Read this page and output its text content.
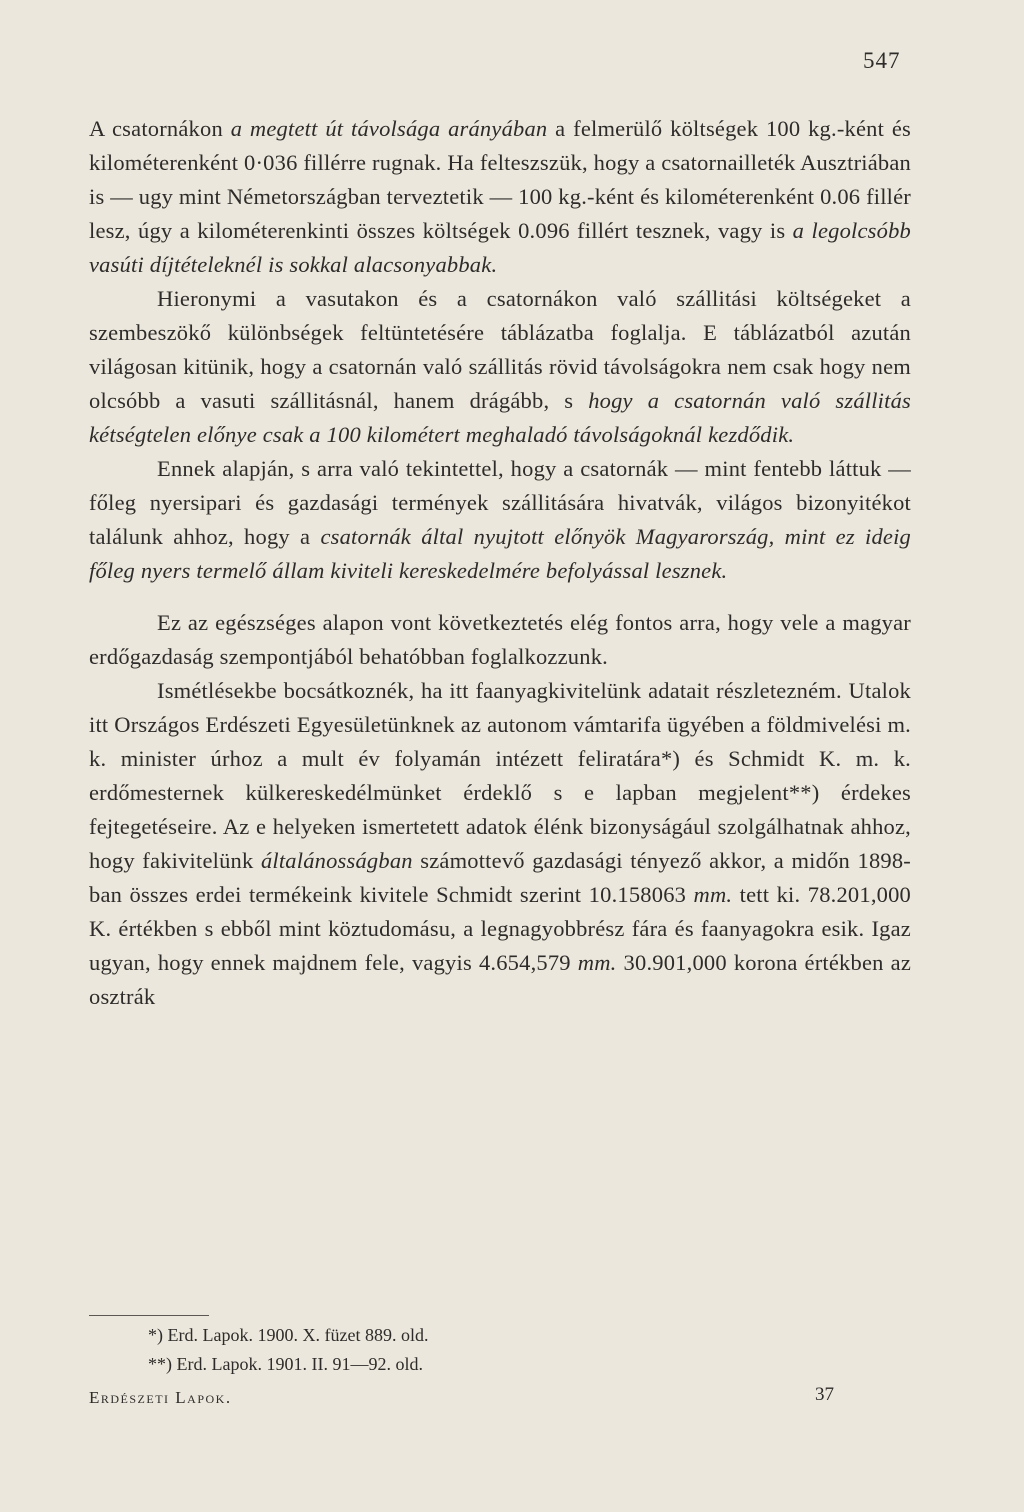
547

A csatornákon a megtett út távolsága arányában a felmerülő költségek 100 kg.-ként és kilométerenként 0·036 fillérre rugnak. Ha felteszszük, hogy a csatornailleték Ausztriában is — ugy mint Németországban terveztetik — 100 kg.-ként és kilométerenként 0.06 fillér lesz, úgy a kilométerenkinti összes költségek 0.096 fillért tesznek, vagy is a legolcsóbb vasúti díjtételeknél is sokkal alacsonyabbak.

Hieronymi a vasutakon és a csatornákon való szállitási költségeket a szembeszökő különbségek feltüntetésére táblázatba foglalja. E táblázatból azután világosan kitünik, hogy a csatornán való szállitás rövid távolságokra nem csak hogy nem olcsóbb a vasuti szállitásnál, hanem drágább, s hogy a csatornán való szállitás kétségtelen előnye csak a 100 kilométert meghaladó távolságoknál kezdődik.

Ennek alapján, s arra való tekintettel, hogy a csatornák — mint fentebb láttuk — főleg nyersipari és gazdasági termények szállitására hivatvák, világos bizonyitékot találunk ahhoz, hogy a csatornák által nyujtott előnyök Magyarország, mint ez ideig főleg nyers termelő állam kiviteli kereskedelmére befolyással lesznek.

Ez az egészséges alapon vont következtetés elég fontos arra, hogy vele a magyar erdőgazdaság szempontjából behatóbban foglalkozzunk.

Ismétlésekbe bocsátkoznék, ha itt faanyagkivitelünk adatait részletezném. Utalok itt Országos Erdészeti Egyesületünknek az autonom vámtarifa ügyében a földmivelési m. k. minister úrhoz a mult év folyamán intézett feliratára*) és Schmidt K. m. k. erdőmesternek külkereskedélmünket érdeklő s e lapban megjelent**) érdekes fejtegetéseire. Az e helyeken ismertetett adatok élénk bizonyságául szolgálhatnak ahhoz, hogy fakivitelünk általánosságban számottevő gazdasági tényező akkor, a midőn 1898-ban összes erdei termékeink kivitele Schmidt szerint 10.158063 mm. tett ki. 78.201,000 K. értékben s ebből mint köztudomásu, a legnagyobbrész fára és faanyagokra esik. Igaz ugyan, hogy ennek majdnem fele, vagyis 4.654,579 mm. 30.901,000 korona értékben az osztrák

*) Erd. Lapok. 1900. X. füzet 889. old.
**) Erd. Lapok. 1901. II. 91—92. old.
Erdészeti Lapok.	37
